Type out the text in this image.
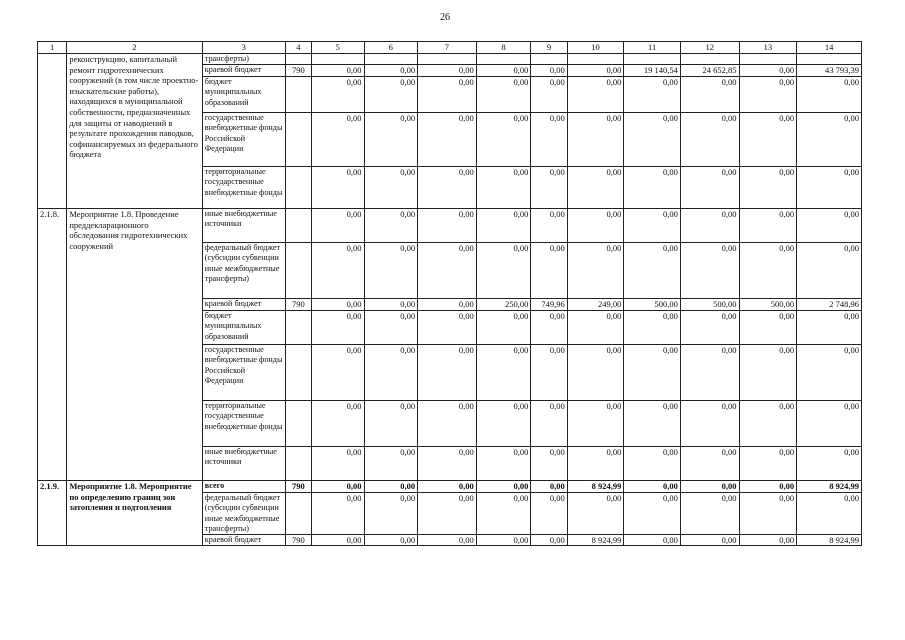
26
1	2	3	4	5	6	7	8	9	10	11	12	13	14
	реконструкцию, капитальный ремонт гидротехнических сооружений (в том числе проектно-изыскательские работы), находящихся в муниципальной собственности, предназначенных для защиты от наводнений в результате прохождения паводков, софинансируемых из федерального бюджета	трансферты)											
		краевой бюджет	790	0,00	0,00	0,00	0,00	0,00	0,00	19 140,54	24 652,85	0,00	43 793,39
		бюджет муниципальных образований		0,00	0,00	0,00	0,00	0,00	0,00	0,00	0,00	0,00	0,00
		государственные внебюджетные фонды Российской Федерации		0,00	0,00	0,00	0,00	0,00	0,00	0,00	0,00	0,00	0,00
		территориальные государственные внебюджетные фонды		0,00	0,00	0,00	0,00	0,00	0,00	0,00	0,00	0,00	0,00
2.1.8.	Мероприятие 1.8. Проведение преддекларационного обследования гидротехнических сооружений	иные внебюджетные источники		0,00	0,00	0,00	0,00	0,00	0,00	0,00	0,00	0,00	0,00
		федеральный бюджет (субсидии субвенции иные межбюджетные трансферты)		0,00	0,00	0,00	0,00	0,00	0,00	0,00	0,00	0,00	0,00
		краевой бюджет	790	0,00	0,00	0,00	250,00	749,96	249,00	500,00	500,00	500,00	2 748,96
		бюджет муниципальных образований		0,00	0,00	0,00	0,00	0,00	0,00	0,00	0,00	0,00	0,00
		государственные внебюджетные фонды Российской Федерации		0,00	0,00	0,00	0,00	0,00	0,00	0,00	0,00	0,00	0,00
		территориальные государственные внебюджетные фонды		0,00	0,00	0,00	0,00	0,00	0,00	0,00	0,00	0,00	0,00
		иные внебюджетные источники		0,00	0,00	0,00	0,00	0,00	0,00	0,00	0,00	0,00	0,00
2.1.9.	Мероприятие 1.8. Мероприятие по определению границ зон затопления и подтопления	всего	790	0,00	0,00	0,00	0,00	0,00	8 924,99	0,00	0,00	0,00	8 924,99
		федеральный бюджет (субсидии субвенции иные межбюджетные трансферты)		0,00	0,00	0,00	0,00	0,00	0,00	0,00	0,00	0,00	0,00
		краевой бюджет	790	0,00	0,00	0,00	0,00	0,00	8 924,99	0,00	0,00	0,00	8 924,99
